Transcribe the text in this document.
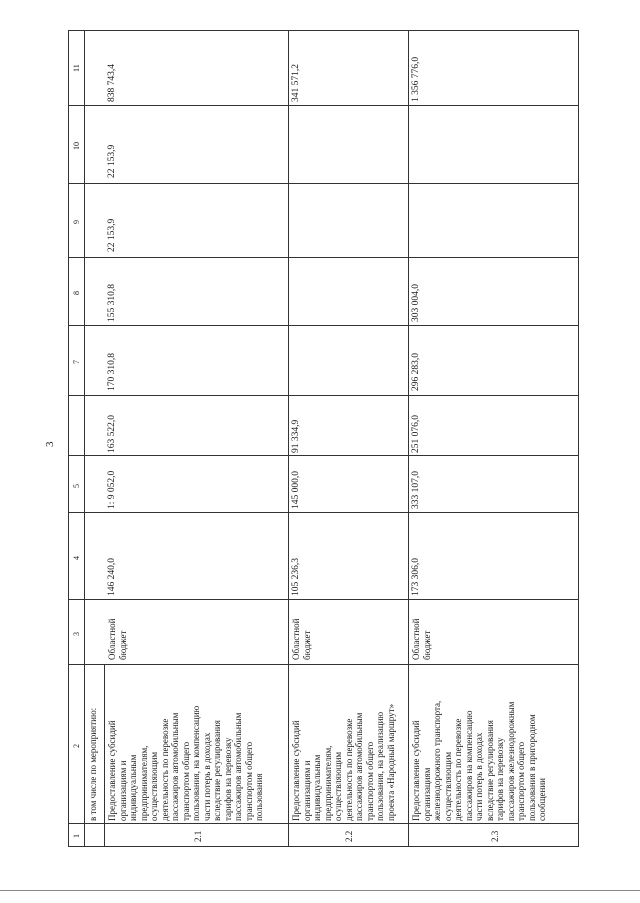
1
2
3
4
5
7
8
9
10
11
в том числе по мероприятию:
2.1
Предоставление субсидий
организациям и
индивидуальным
предпринимателям,
осуществляющим
деятельность по перевозке
пассажиров автомобильным
транспортом общего
пользования, на компенсацию
части потерь в доходах
вследствие регулирования
тарифов на перевозку
пассажиров автомобильным
транспортом общего
пользования
Областной
бюджет
146 240,0
1: 9 052,0
163 522,0
170 310,8
155 310,8
22 153,9
22 153,9
838 743,4
2.2
Предоставление субсидий
организациям и
индивидуальным
предпринимателям,
осуществляющим
деятельность по перевозке
пассажиров автомобильным
транспортом общего
пользования, на реализацию
проекта «Народный маршрут»
Областной
бюджет
105 236,3
145 000,0
91 334,9
341 571,2
2.3
Предоставление субсидий
организациям
железнодорожного транспорта,
осуществляющим
деятельность по перевозке
пассажиров на компенсацию
части потерь в доходах
вследствие регулирования
тарифов на перевозку
пассажиров железнодорожным
транспортом общего
пользования в пригородном
сообщении
Областной
бюджет
173 306,0
333 107,0
251 076,0
296 283,0
303 004,0
1 356 776,0
3
